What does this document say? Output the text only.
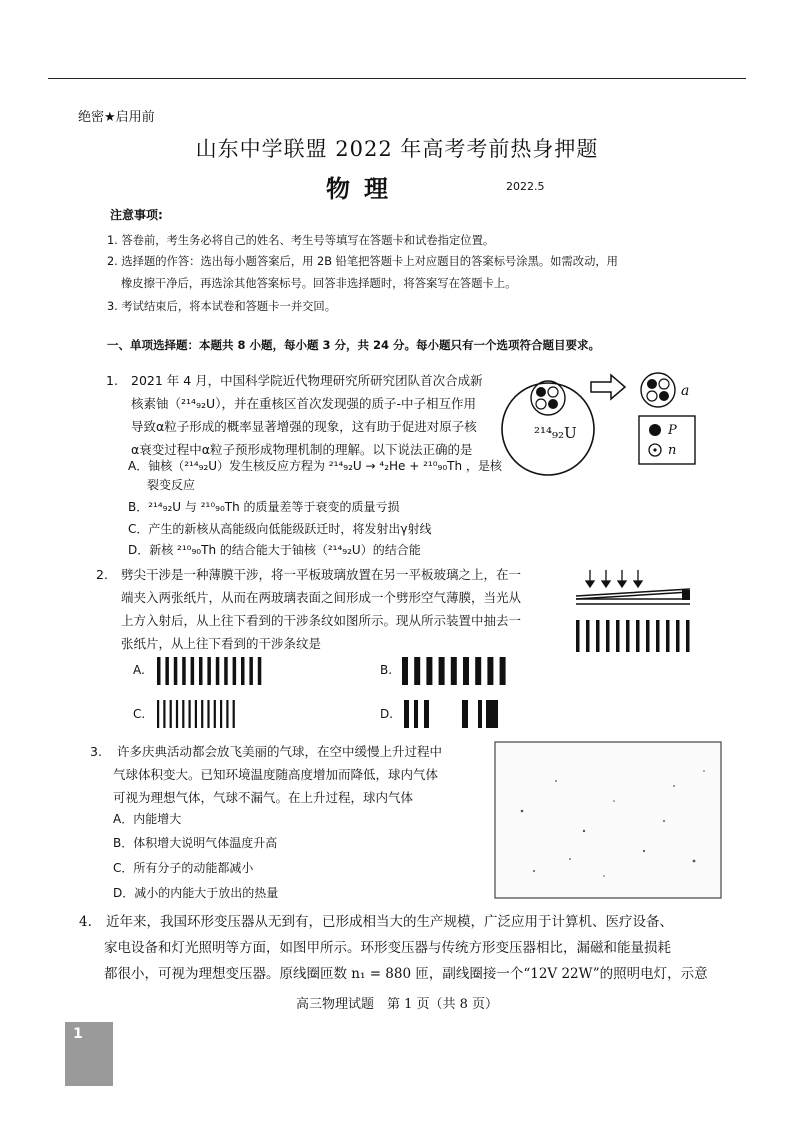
绝密★启用前
山东中学联盟 2022 年高考考前热身押题
物理	2022.5
注意事项:
1. 答卷前，考生务必将自己的姓名、考生号等填写在答题卡和试卷指定位置。
2. 选择题的作答：选出每小题答案后，用 2B 铅笔把答题卡上对应题目的答案标号涂黑。如需改动，用
橡皮擦干净后，再选涂其他答案标号。回答非选择题时，将答案写在答题卡上。
3. 考试结束后，将本试卷和答题卡一并交回。
一、单项选择题：本题共 8 小题，每小题 3 分，共 24 分。每小题只有一个选项符合题目要求。
1. 2021 年 4 月，中国科学院近代物理研究所研究团队首次合成新
核素铀（²¹⁴₉₂U），并在重核区首次发现强的质子-中子相互作用
导致α粒子形成的概率显著增强的现象，这有助于促进对原子核
α衰变过程中α粒子预形成物理机制的理解。以下说法正确的是
A．铀核（²¹⁴₉₂U）发生核反应方程为 ²¹⁴₉₂U → ⁴₂He + ²¹⁰₉₀Th ，是核
裂变反应
B．²¹⁴₉₂U 与 ²¹⁰₉₀Th 的质量差等于衰变的质量亏损
C．产生的新核从高能级向低能级跃迁时，将发射出γ射线
D．新核 ²¹⁰₉₀Th 的结合能大于铀核（²¹⁴₉₂U）的结合能
²¹⁴₉₂U
a
P
n
2. 劈尖干涉是一种薄膜干涉，将一平板玻璃放置在另一平板玻璃之上，在一
端夹入两张纸片，从而在两玻璃表面之间形成一个劈形空气薄膜，当光从
上方入射后，从上往下看到的干涉条纹如图所示。现从所示装置中抽去一
张纸片，从上往下看到的干涉条纹是
A.	B.
C.	D.
3. 许多庆典活动都会放飞美丽的气球，在空中缓慢上升过程中
气球体积变大。已知环境温度随高度增加而降低，球内气体
可视为理想气体，气球不漏气。在上升过程，球内气体
A．内能增大
B．体积增大说明气体温度升高
C．所有分子的动能都减小
D．减小的内能大于放出的热量
4. 近年来，我国环形变压器从无到有，已形成相当大的生产规模，广泛应用于计算机、医疗设备、
家电设备和灯光照明等方面，如图甲所示。环形变压器与传统方形变压器相比，漏磁和能量损耗
都很小，可视为理想变压器。原线圈匝数 n₁ = 880 匝，副线圈接一个“12V 22W”的照明电灯，示意
高三物理试题　第 1 页（共 8 页）
1
